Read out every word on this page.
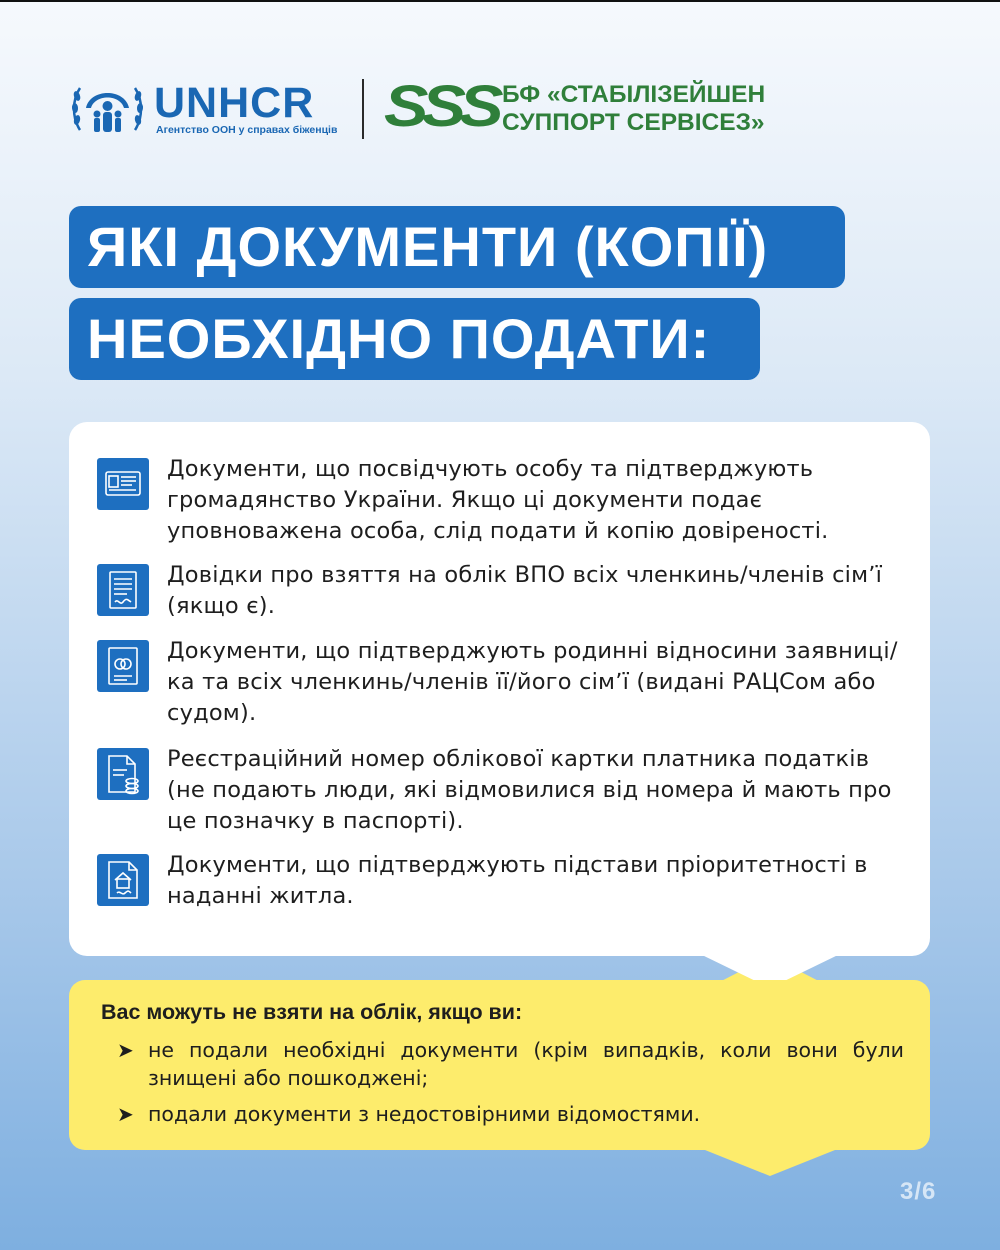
UNHCR
Агентство ООН у справах біженців SSS БФ «СТАБІЛІЗЕЙШЕН
СУППОРТ СЕРВІСЕЗ»
ЯКІ ДОКУМЕНТИ (КОПІЇ)
НЕОБХІДНО ПОДАТИ:
Документи, що посвідчують особу та підтверджують громадянство України. Якщо ці документи подає уповноважена особа, слід подати й копію довіреності.
Довідки про взяття на облік ВПО всіх членкинь/членів сімʼї (якщо є).
Документи, що підтверджують родинні відносини заявниці/ка та всіх членкинь/членів її/його сімʼї (видані РАЦСом або судом).
Реєстраційний номер облікової картки платника податків (не подають люди, які відмовилися від номера й мають про це позначку в паспорті).
Документи, що підтверджують підстави пріоритетності в наданні житла.
Вас можуть не взяти на облік, якщо ви:
➤ не подали необхідні документи (крім випадків, коли вони були знищені або пошкоджені;
➤ подали документи з недостовірними відомостями.
3/6
